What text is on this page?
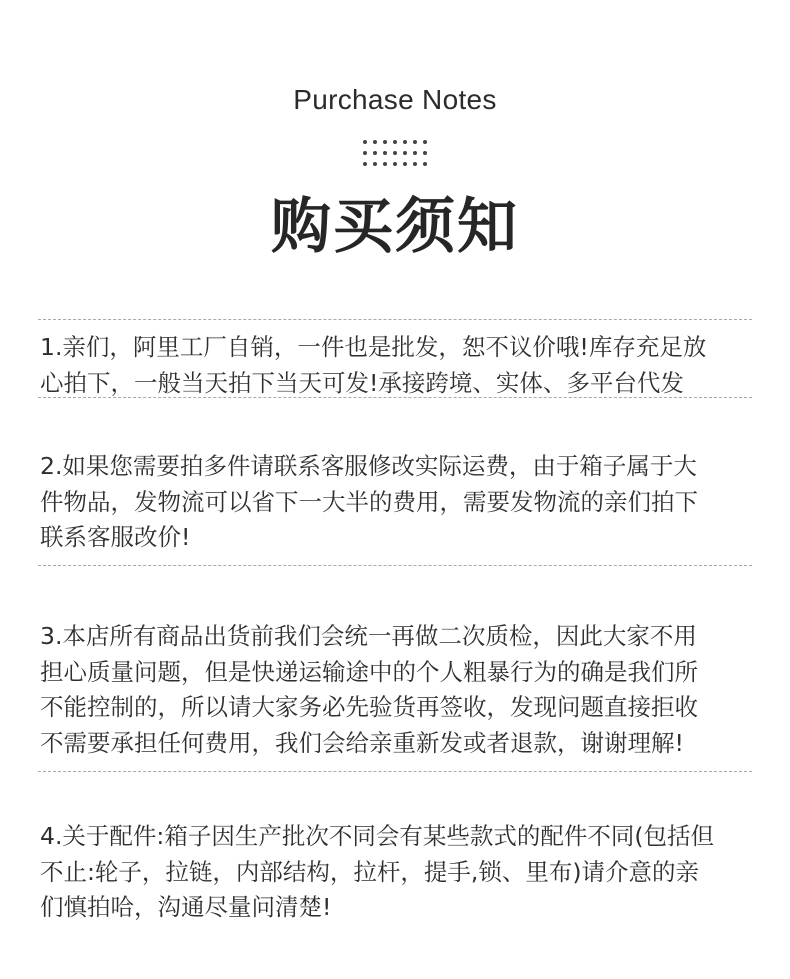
Purchase Notes
购买须知
1.亲们，阿里工厂自销，一件也是批发，恕不议价哦!库存充足放
心拍下，一般当天拍下当天可发!承接跨境、实体、多平台代发
2.如果您需要拍多件请联系客服修改实际运费，由于箱子属于大
件物品，发物流可以省下一大半的费用，需要发物流的亲们拍下
联系客服改价!
3.本店所有商品出货前我们会统一再做二次质检，因此大家不用
担心质量问题，但是快递运输途中的个人粗暴行为的确是我们所
不能控制的，所以请大家务必先验货再签收，发现问题直接拒收
不需要承担任何费用，我们会给亲重新发或者退款，谢谢理解!
4.关于配件:箱子因生产批次不同会有某些款式的配件不同(包括但
不止:轮子，拉链，内部结构，拉杆，提手,锁、里布)请介意的亲
们慎拍哈，沟通尽量问清楚!
